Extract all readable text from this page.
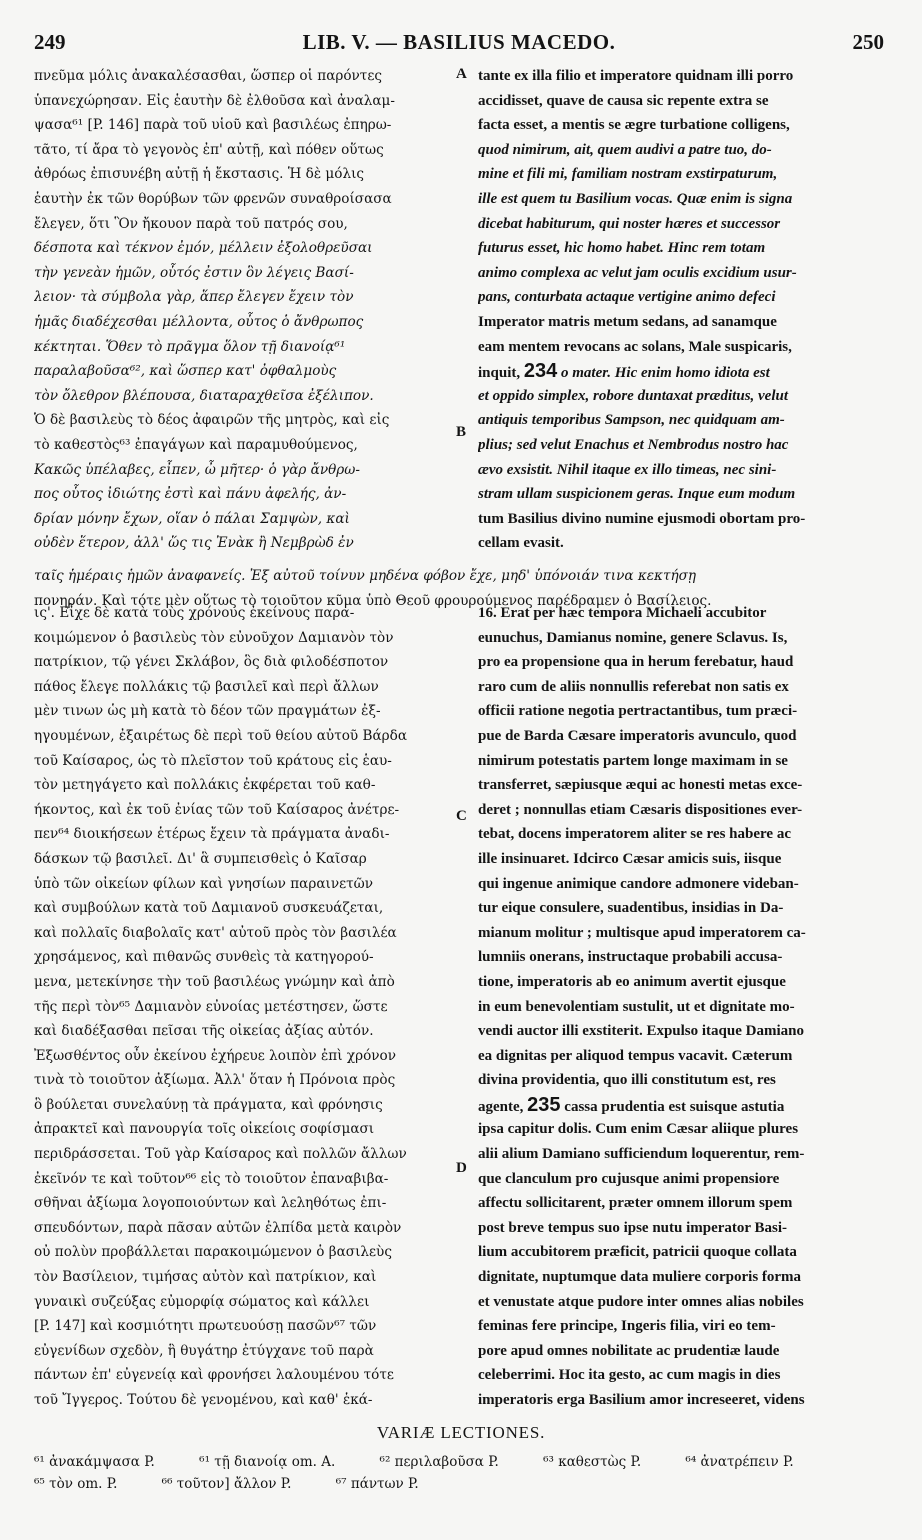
249	LIB. V. — BASILIUS MACEDO.	250
πνεῦμα μόλις ἀνακαλέσασθαι, ὥσπερ οἱ παρόντες
ὑπανεχώρησαν. Εἰς ἑαυτὴν δὲ ἐλθοῦσα καὶ ἀναλαμ-
ψασα⁶¹ [P. 146] παρὰ τοῦ υἱοῦ καὶ βασιλέως ἐπηρω-
τᾶτο, τί ἄρα τὸ γεγονὸς ἐπ' αὐτῇ, καὶ πόθεν οὕτως
ἀθρόως ἐπισυνέβη αὐτῇ ἡ ἔκστασις. Ἡ δὲ μόλις
ἑαυτὴν ἐκ τῶν θορύβων τῶν φρενῶν συναθροίσασα
ἔλεγεν, ὅτι Ὃν ἤκουον παρὰ τοῦ πατρός σου,
δέσποτα καὶ τέκνον ἐμόν, μέλλειν ἐξολοθρεῦσαι
τὴν γενεὰν ἡμῶν, οὗτός ἐστιν ὃν λέγεις Βασί-
λειον· τὰ σύμβολα γὰρ, ἅπερ ἔλεγεν ἔχειν τὸν
ἡμᾶς διαδέχεσθαι μέλλοντα, οὗτος ὁ ἄνθρωπος
κέκτηται. Ὅθεν τὸ πρᾶγμα ὅλον τῇ διανοίᾳ⁶¹
παραλαβοῦσα⁶², καὶ ὥσπερ κατ' ὀφθαλμοὺς
τὸν ὄλεθρον βλέπουσα, διαταραχθεῖσα ἐξέλιπον.
Ὁ δὲ βασιλεὺς τὸ δέος ἀφαιρῶν τῆς μητρὸς, καὶ εἰς
τὸ καθεστὸς⁶³ ἐπαγάγων καὶ παραμυθούμενος,
Κακῶς ὑπέλαβες, εἶπεν, ὦ μῆτερ· ὁ γὰρ ἄνθρω-
πος οὗτος ἰδιώτης ἐστὶ καὶ πάνυ ἀφελής, ἀν-
δρίαν μόνην ἔχων, οἵαν ὁ πάλαι Σαμψὼν, καὶ
οὐδὲν ἕτερον, ἀλλ' ὥς τις Ἐνὰκ ἢ Νεμβρὼδ ἐν
A
B
tante ex illa filio et imperatore quidnam illi porro
accidisset, quave de causa sic repente extra se
facta esset, a mentis se ægre turbatione colligens,
quod nimirum, ait, quem audivi a patre tuo, do-
mine et fili mi, familiam nostram exstirpaturum,
ille est quem tu Basilium vocas. Quæ enim is signa
dicebat habiturum, qui noster hæres et successor
futurus esset, hic homo habet. Hinc rem totam
animo complexa ac velut jam oculis excidium usur-
pans, conturbata actaque vertigine animo defeci
Imperator matris metum sedans, ad sanamque
eam mentem revocans ac solans, Male suspicaris,
inquit, 234 o mater. Hic enim homo idiota est
et oppido simplex, robore duntaxat præditus, velut
antiquis temporibus Sampson, nec quidquam am-
plius; sed velut Enachus et Nembrodus nostro hac
ævo exsistit. Nihil itaque ex illo timeas, nec sini-
stram ullam suspicionem geras. Inque eum modum
tum Basilius divino numine ejusmodi obortam pro-
cellam evasit.
ταῖς ἡμέραις ἡμῶν ἀναφανείς. Ἐξ αὐτοῦ τοίνυν μηδένα φόβον ἔχε, μηδ' ὑπόνοιάν τινα κεκτήσῃ
πονηράν. Καὶ τότε μὲν οὕτως τὸ τοιοῦτον κῦμα ὑπὸ Θεοῦ φρουρούμενος παρέδραμεν ὁ Βασίλειος.
ις'. Εἶχε δὲ κατὰ τοὺς χρόνους ἐκείνους παρα-
κοιμώμενον ὁ βασιλεὺς τὸν εὐνοῦχον Δαμιανὸν τὸν
πατρίκιον, τῷ γένει Σκλάβον, ὃς διὰ φιλοδέσποτον
πάθος ἔλεγε πολλάκις τῷ βασιλεῖ καὶ περὶ ἄλλων
μὲν τινων ὡς μὴ κατὰ τὸ δέον τῶν πραγμάτων ἐξ-
ηγουμένων, ἐξαιρέτως δὲ περὶ τοῦ θείου αὐτοῦ Βάρδα
τοῦ Καίσαρος, ὡς τὸ πλεῖστον τοῦ κράτους εἰς ἑαυ-
τὸν μετηγάγετο καὶ πολλάκις ἐκφέρεται τοῦ καθ-
ήκοντος, καὶ ἐκ τοῦ ἐνίας τῶν τοῦ Καίσαρος ἀνέτρε-
πεν⁶⁴ διοικήσεων ἑτέρως ἔχειν τὰ πράγματα ἀναδι-
δάσκων τῷ βασιλεῖ. Δι' ἃ συμπεισθεὶς ὁ Καῖσαρ
ὑπὸ τῶν οἰκείων φίλων καὶ γνησίων παραινετῶν
καὶ συμβούλων κατὰ τοῦ Δαμιανοῦ συσκευάζεται,
καὶ πολλαῖς διαβολαῖς κατ' αὐτοῦ πρὸς τὸν βασιλέα
χρησάμενος, καὶ πιθανῶς συνθεὶς τὰ κατηγορού-
μενα, μετεκίνησε τὴν τοῦ βασιλέως γνώμην καὶ ἀπὸ
τῆς περὶ τὸν⁶⁵ Δαμιανὸν εὐνοίας μετέστησεν, ὥστε
καὶ διαδέξασθαι πεῖσαι τῆς οἰκείας ἀξίας αὐτόν.
Ἐξωσθέντος οὖν ἐκείνου ἐχήρευε λοιπὸν ἐπὶ χρόνον
τινὰ τὸ τοιοῦτον ἀξίωμα. Ἀλλ' ὅταν ἡ Πρόνοια πρὸς
ὃ βούλεται συνελαύνῃ τὰ πράγματα, καὶ φρόνησις
ἀπρακτεῖ καὶ πανουργία τοῖς οἰκείοις σοφίσμασι
περιδράσσεται. Τοῦ γὰρ Καίσαρος καὶ πολλῶν ἄλλων
ἐκεῖνόν τε καὶ τοῦτον⁶⁶ εἰς τὸ τοιοῦτον ἐπαναβιβα-
σθῆναι ἀξίωμα λογοποιούντων καὶ λεληθότως ἐπι-
σπευδόντων, παρὰ πᾶσαν αὐτῶν ἐλπίδα μετὰ καιρὸν
οὐ πολὺν προβάλλεται παρακοιμώμενον ὁ βασιλεὺς
τὸν Βασίλειον, τιμήσας αὐτὸν καὶ πατρίκιον, καὶ
γυναικὶ συζεύξας εὐμορφίᾳ σώματος καὶ κάλλει
[P. 147] καὶ κοσμιότητι πρωτευούσῃ πασῶν⁶⁷ τῶν
εὐγενίδων σχεδὸν, ἣ θυγάτηρ ἐτύγχανε τοῦ παρὰ
πάντων ἐπ' εὐγενείᾳ καὶ φρονήσει λαλουμένου τότε
τοῦ Ἴγγερος. Τούτου δὲ γενομένου, καὶ καθ' ἑκά-
C
D
16. Erat per hæc tempora Michaeli accubitor
eunuchus, Damianus nomine, genere Sclavus. Is,
pro ea propensione qua in herum ferebatur, haud
raro cum de aliis nonnullis referebat non satis ex
officii ratione negotia pertractantibus, tum præci-
pue de Barda Cæsare imperatoris avunculo, quod
nimirum potestatis partem longe maximam in se
transferret, sæpiusque æqui ac honesti metas exce-
deret ; nonnullas etiam Cæsaris dispositiones ever-
tebat, docens imperatorem aliter se res habere ac
ille insinuaret. Idcirco Cæsar amicis suis, iisque
qui ingenue animique candore admonere videban-
tur eique consulere, suadentibus, insidias in Da-
mianum molitur ; multisque apud imperatorem ca-
lumniis onerans, instructaque probabili accusa-
tione, imperatoris ab eo animum avertit ejusque
in eum benevolentiam sustulit, ut et dignitate mo-
vendi auctor illi exstiterit. Expulso itaque Damiano
ea dignitas per aliquod tempus vacavit. Cæterum
divina providentia, quo illi constitutum est, res
agente, 235 cassa prudentia est suisque astutia
ipsa capitur dolis. Cum enim Cæsar aliique plures
alii alium Damiano sufficiendum loquerentur, rem-
que clanculum pro cujusque animi propensiore
affectu sollicitarent, præter omnem illorum spem
post breve tempus suo ipse nutu imperator Basi-
lium accubitorem præficit, patricii quoque collata
dignitate, nuptumque data muliere corporis forma
et venustate atque pudore inter omnes alias nobiles
feminas fere principe, Ingeris filia, viri eo tem-
pore apud omnes nobilitate ac prudentiæ laude
celeberrimi. Hoc ita gesto, ac cum magis in dies
imperatoris erga Basilium amor increseeret, videns
VARIÆ LECTIONES.
⁶¹ ἀνακάμψασα P.	⁶¹ τῇ διανοίᾳ om. A.	⁶² περιλαβοῦσα P.	⁶³ καθεστὼς P.	⁶⁴ ἀνατρέπειν P.
⁶⁵ τὸν om. P.	⁶⁶ τοῦτον] ἄλλον P.	⁶⁷ πάντων P.
